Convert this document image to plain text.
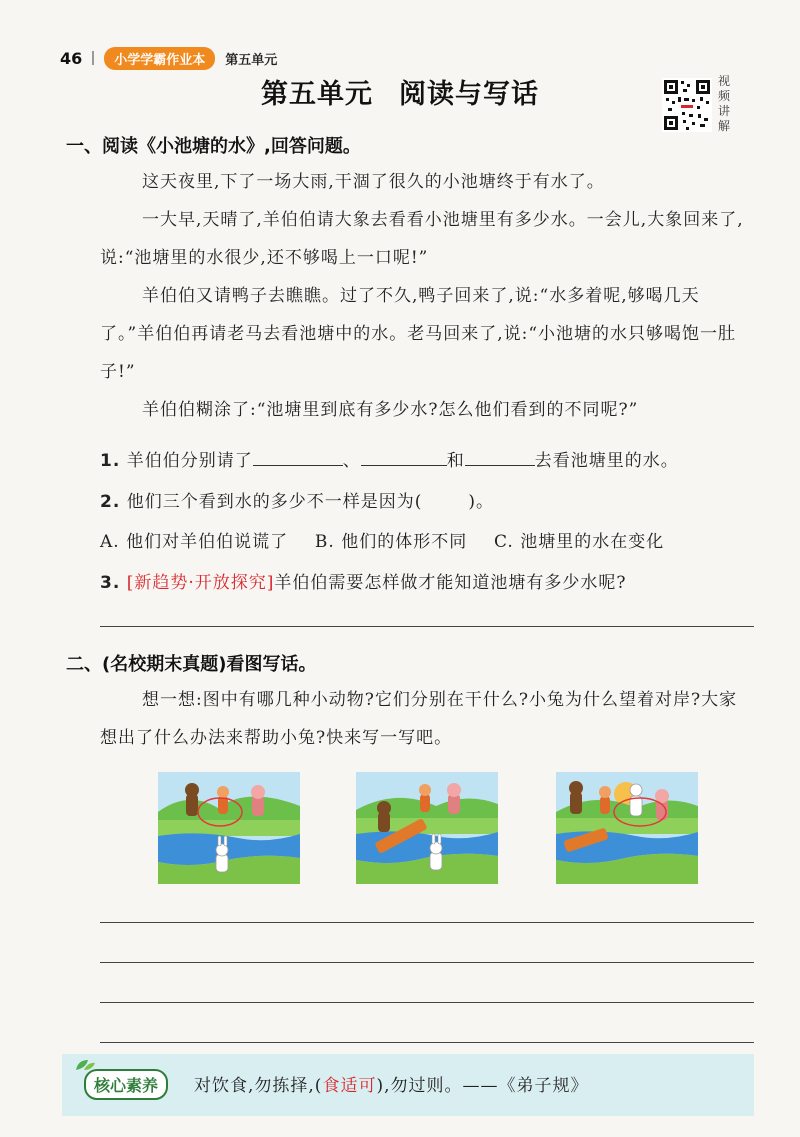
46	小学学霸作业本	第五单元
第五单元 阅读与写话	视
频
讲
解
一、阅读《小池塘的水》,回答问题。
这天夜里,下了一场大雨,干涸了很久的小池塘终于有水了。
一大早,天晴了,羊伯伯请大象去看看小池塘里有多少水。一会儿,大象回来了,说:“池塘里的水很少,还不够喝上一口呢!”
羊伯伯又请鸭子去瞧瞧。过了不久,鸭子回来了,说:“水多着呢,够喝几天了。”羊伯伯再请老马去看池塘中的水。老马回来了,说:“小池塘的水只够喝饱一肚子!”
羊伯伯糊涂了:“池塘里到底有多少水?怎么他们看到的不同呢?”
1. 羊伯伯分别请了	、	和	去看池塘里的水。
2. 他们三个看到水的多少不一样是因为(	)。
A. 他们对羊伯伯说谎了 B. 他们的体形不同 C. 池塘里的水在变化
3. [新趋势·开放探究]羊伯伯需要怎样做才能知道池塘有多少水呢?
二、(名校期末真题)看图写话。
想一想:图中有哪几种小动物?它们分别在干什么?小兔为什么望着对岸?大家想出了什么办法来帮助小兔?快来写一写吧。
核心素养	对饮食,勿拣择,(食适可),勿过则。——《弟子规》
